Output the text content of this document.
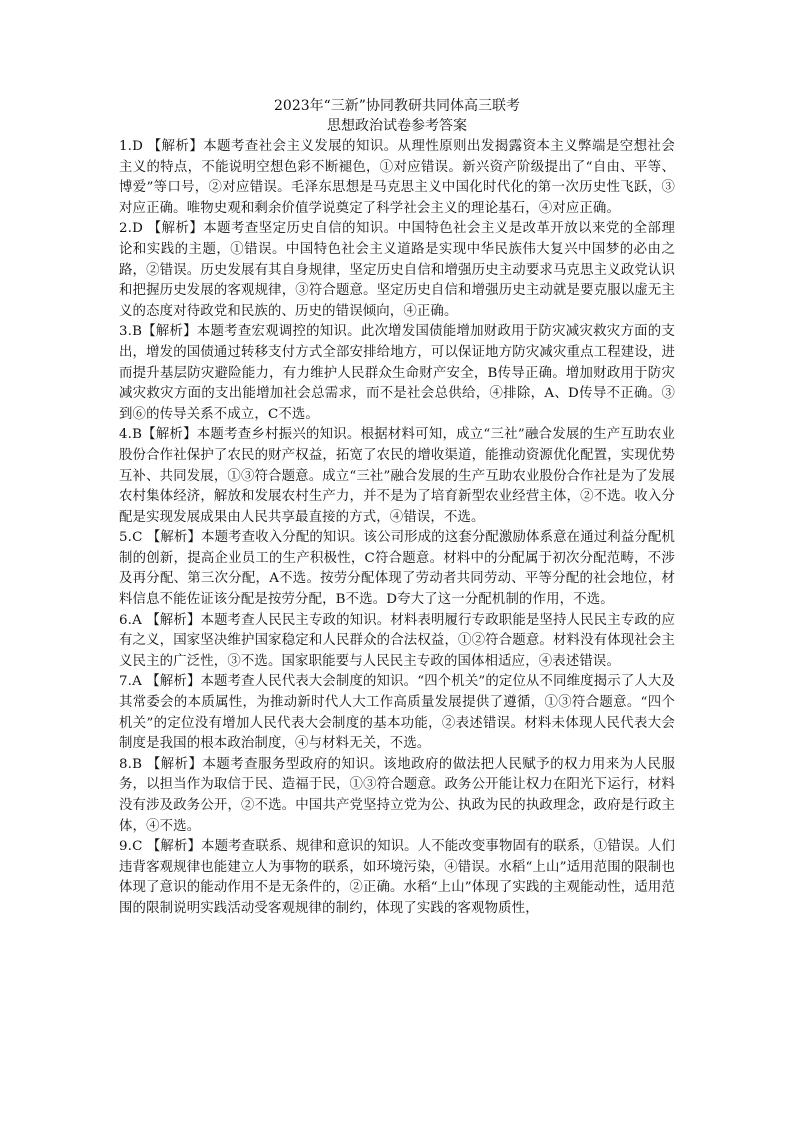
2023年“三新”协同教研共同体高三联考
思想政治试卷参考答案

1.D 【解析】本题考查社会主义发展的知识。从理性原则出发揭露资本主义弊端是空想社会主义的特点，不能说明空想色彩不断褪色，①对应错误。新兴资产阶级提出了“自由、平等、博爱”等口号，②对应错误。毛泽东思想是马克思主义中国化时代化的第一次历史性飞跃，③对应正确。唯物史观和剩余价值学说奠定了科学社会主义的理论基石，④对应正确。

2.D 【解析】本题考查坚定历史自信的知识。中国特色社会主义是改革开放以来党的全部理论和实践的主题，①错误。中国特色社会主义道路是实现中华民族伟大复兴中国梦的必由之路，②错误。历史发展有其自身规律，坚定历史自信和增强历史主动要求马克思主义政党认识和把握历史发展的客观规律，③符合题意。坚定历史自信和增强历史主动就是要克服以虚无主义的态度对待政党和民族的、历史的错误倾向，④正确。

3.B【解析】本题考查宏观调控的知识。此次增发国债能增加财政用于防灾减灾救灾方面的支出，增发的国债通过转移支付方式全部安排给地方，可以保证地方防灾减灾重点工程建设，进而提升基层防灾避险能力，有力维护人民群众生命财产安全，B传导正确。增加财政用于防灾减灾救灾方面的支出能增加社会总需求，而不是社会总供给，④排除，A、D传导不正确。③到⑥的传导关系不成立，C不选。

4.B【解析】本题考查乡村振兴的知识。根据材料可知，成立“三社”融合发展的生产互助农业股份合作社保护了农民的财产权益，拓宽了农民的增收渠道，能推动资源优化配置，实现优势互补、共同发展，①③符合题意。成立“三社”融合发展的生产互助农业股份合作社是为了发展农村集体经济，解放和发展农村生产力，并不是为了培育新型农业经营主体，②不选。收入分配是实现发展成果由人民共享最直接的方式，④错误，不选。

5.C 【解析】本题考查收入分配的知识。该公司形成的这套分配激励体系意在通过利益分配机制的创新，提高企业员工的生产积极性，C符合题意。材料中的分配属于初次分配范畴，不涉及再分配、第三次分配，A不选。按劳分配体现了劳动者共同劳动、平等分配的社会地位，材料信息不能佐证该分配是按劳分配，B不选。D夸大了这一分配机制的作用，不选。

6.A 【解析】本题考查人民民主专政的知识。材料表明履行专政职能是坚持人民民主专政的应有之义，国家坚决维护国家稳定和人民群众的合法权益，①②符合题意。材料没有体现社会主义民主的广泛性，③不选。国家职能要与人民民主专政的国体相适应，④表述错误。

7.A 【解析】本题考查人民代表大会制度的知识。“四个机关”的定位从不同维度揭示了人大及其常委会的本质属性，为推动新时代人大工作高质量发展提供了遵循，①③符合题意。“四个机关”的定位没有增加人民代表大会制度的基本功能，②表述错误。材料未体现人民代表大会制度是我国的根本政治制度，④与材料无关，不选。

8.B 【解析】本题考查服务型政府的知识。该地政府的做法把人民赋予的权力用来为人民服务，以担当作为取信于民、造福于民，①③符合题意。政务公开能让权力在阳光下运行，材料没有涉及政务公开，②不选。中国共产党坚持立党为公、执政为民的执政理念，政府是行政主体，④不选。

9.C 【解析】本题考查联系、规律和意识的知识。人不能改变事物固有的联系，①错误。人们违背客观规律也能建立人为事物的联系，如环境污染，④错误。水稻“上山”适用范围的限制也体现了意识的能动作用不是无条件的，②正确。水稻“上山”体现了实践的主观能动性，适用范围的限制说明实践活动受客观规律的制约，体现了实践的客观物质性，
